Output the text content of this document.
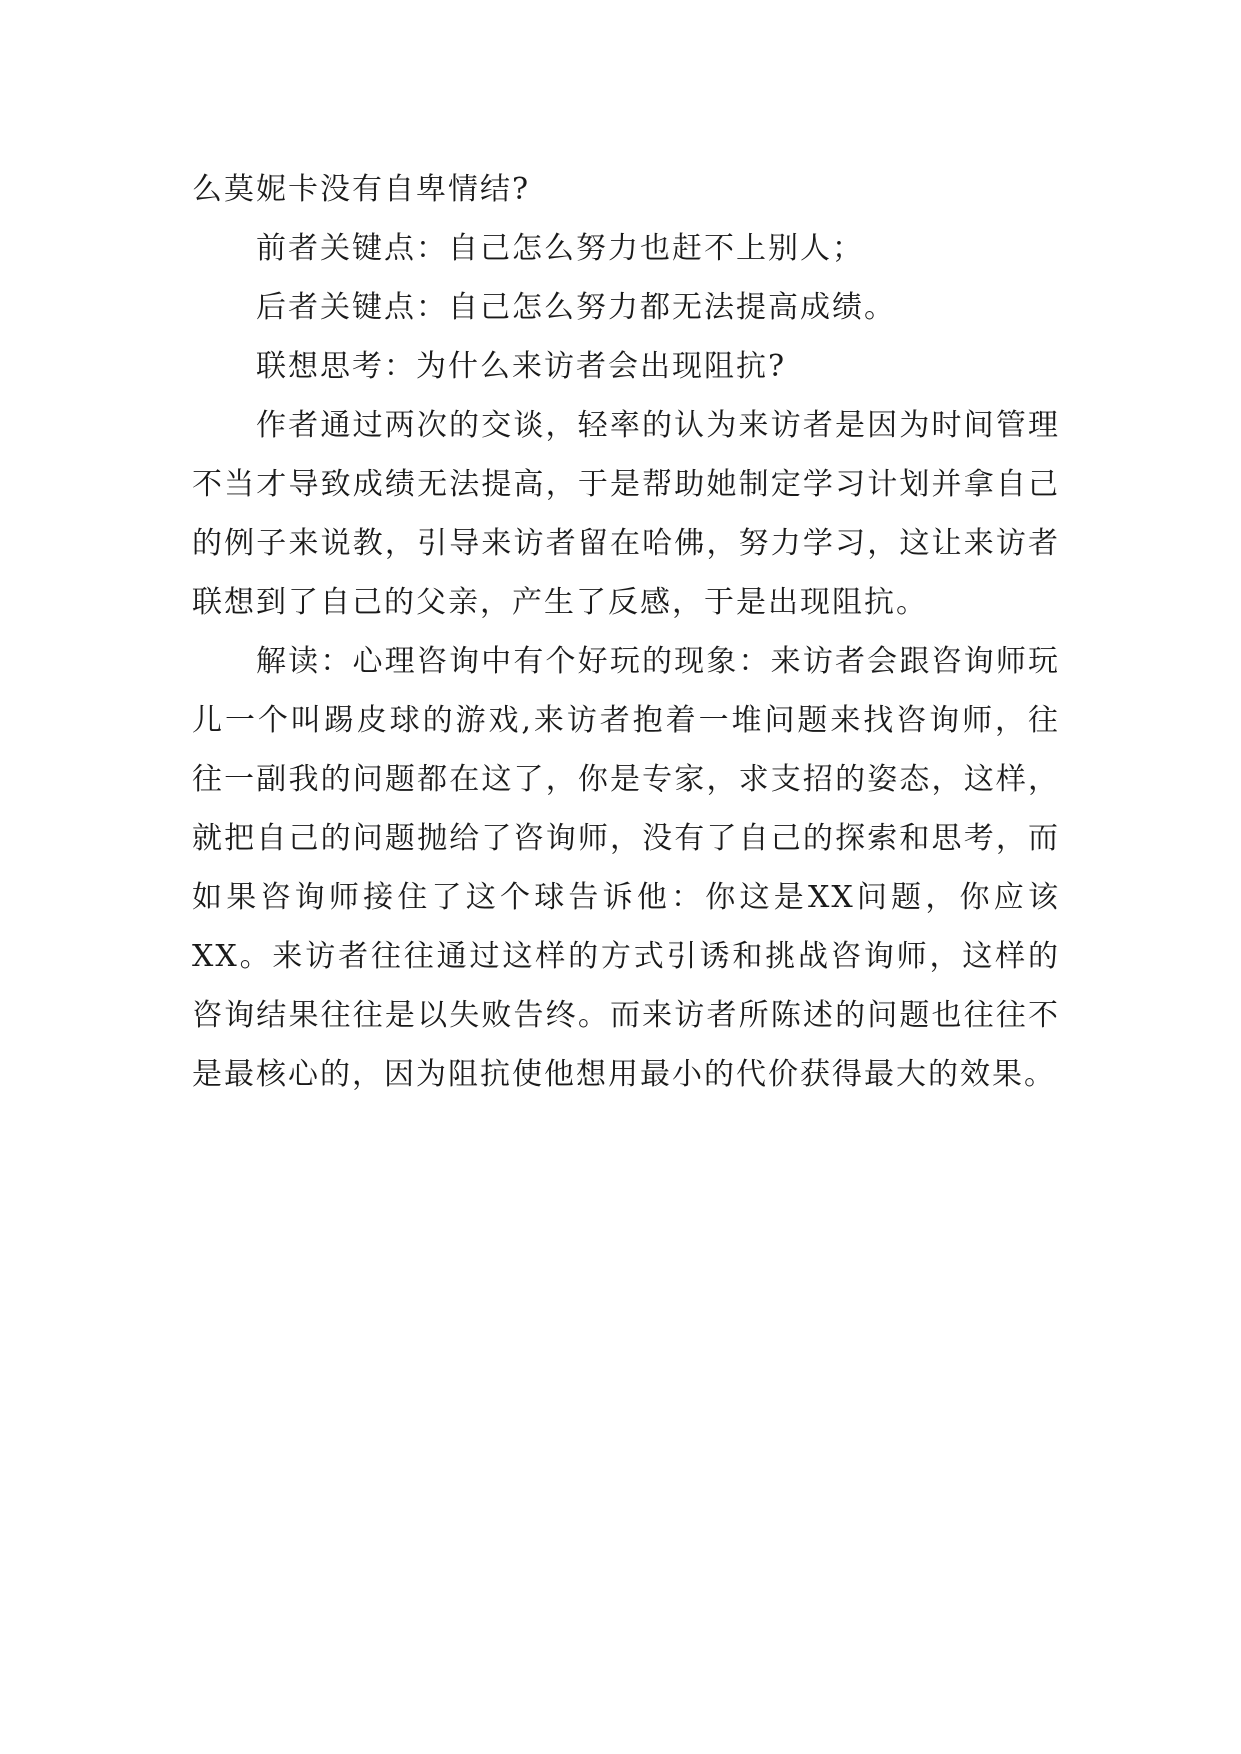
么莫妮卡没有自卑情结?

前者关键点：自己怎么努力也赶不上别人；

后者关键点：自己怎么努力都无法提高成绩。

联想思考：为什么来访者会出现阻抗?

作者通过两次的交谈，轻率的认为来访者是因为时间管理不当才导致成绩无法提高，于是帮助她制定学习计划并拿自己的例子来说教，引导来访者留在哈佛，努力学习，这让来访者联想到了自己的父亲，产生了反感，于是出现阻抗。

解读：心理咨询中有个好玩的现象：来访者会跟咨询师玩儿一个叫踢皮球的游戏,来访者抱着一堆问题来找咨询师，往往一副我的问题都在这了，你是专家，求支招的姿态，这样，就把自己的问题抛给了咨询师，没有了自己的探索和思考，而如果咨询师接住了这个球告诉他：你这是XX问题，你应该XX。来访者往往通过这样的方式引诱和挑战咨询师，这样的咨询结果往往是以失败告终。而来访者所陈述的问题也往往不是最核心的，因为阻抗使他想用最小的代价获得最大的效果。
